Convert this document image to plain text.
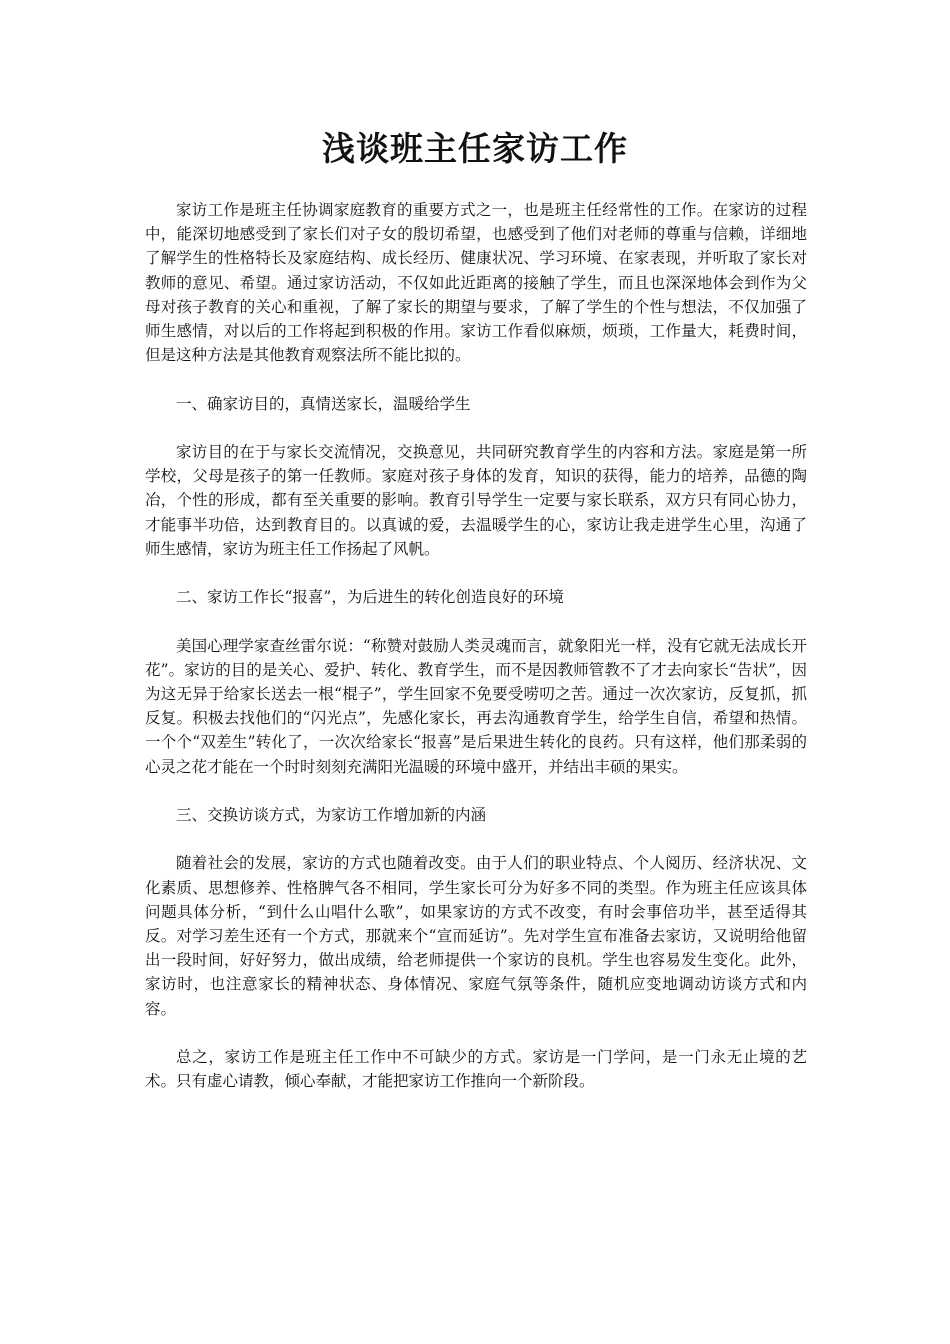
浅谈班主任家访工作

家访工作是班主任协调家庭教育的重要方式之一，也是班主任经常性的工作。在家访的过程中，能深切地感受到了家长们对子女的殷切希望，也感受到了他们对老师的尊重与信赖，详细地了解学生的性格特长及家庭结构、成长经历、健康状况、学习环境、在家表现，并听取了家长对教师的意见、希望。通过家访活动，不仅如此近距离的接触了学生，而且也深深地体会到作为父母对孩子教育的关心和重视，了解了家长的期望与要求，了解了学生的个性与想法，不仅加强了师生感情，对以后的工作将起到积极的作用。家访工作看似麻烦，烦琐，工作量大，耗费时间，但是这种方法是其他教育观察法所不能比拟的。

一、确家访目的，真情送家长，温暖给学生

家访目的在于与家长交流情况，交换意见，共同研究教育学生的内容和方法。家庭是第一所学校，父母是孩子的第一任教师。家庭对孩子身体的发育，知识的获得，能力的培养，品德的陶冶，个性的形成，都有至关重要的影响。教育引导学生一定要与家长联系，双方只有同心协力，才能事半功倍，达到教育目的。以真诚的爱，去温暖学生的心，家访让我走进学生心里，沟通了师生感情，家访为班主任工作扬起了风帆。

二、家访工作长“报喜”，为后进生的转化创造良好的环境

美国心理学家查丝雷尔说：“称赞对鼓励人类灵魂而言，就象阳光一样，没有它就无法成长开花”。家访的目的是关心、爱护、转化、教育学生，而不是因教师管教不了才去向家长“告状”，因为这无异于给家长送去一根“棍子”，学生回家不免要受唠叨之苦。通过一次次家访，反复抓，抓反复。积极去找他们的“闪光点”，先感化家长，再去沟通教育学生，给学生自信，希望和热情。一个个“双差生”转化了，一次次给家长“报喜”是后果进生转化的良药。只有这样，他们那柔弱的心灵之花才能在一个时时刻刻充满阳光温暖的环境中盛开，并结出丰硕的果实。

三、交换访谈方式，为家访工作增加新的内涵

随着社会的发展，家访的方式也随着改变。由于人们的职业特点、个人阅历、经济状况、文化素质、思想修养、性格脾气各不相同，学生家长可分为好多不同的类型。作为班主任应该具体问题具体分析，“到什么山唱什么歌”，如果家访的方式不改变，有时会事倍功半，甚至适得其反。对学习差生还有一个方式，那就来个“宣而延访”。先对学生宣布准备去家访，又说明给他留出一段时间，好好努力，做出成绩，给老师提供一个家访的良机。学生也容易发生变化。此外，家访时，也注意家长的精神状态、身体情况、家庭气氛等条件，随机应变地调动访谈方式和内容。

总之，家访工作是班主任工作中不可缺少的方式。家访是一门学问，是一门永无止境的艺术。只有虚心请教，倾心奉献，才能把家访工作推向一个新阶段。
